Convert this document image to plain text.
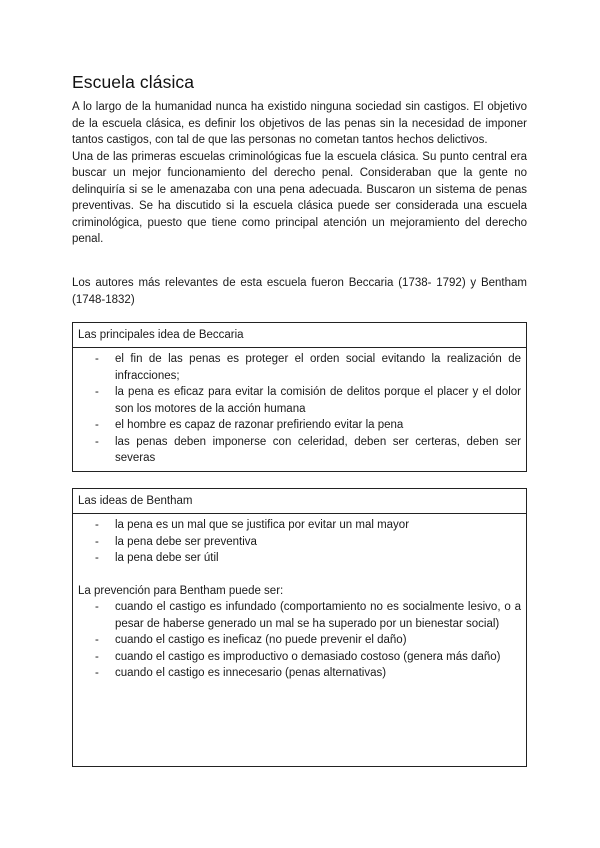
Escuela clásica

A lo largo de la humanidad nunca ha existido ninguna sociedad sin castigos. El objetivo de la escuela clásica, es definir los objetivos de las penas sin la necesidad de imponer tantos castigos, con tal de que las personas no cometan tantos hechos delictivos.

Una de las primeras escuelas criminológicas fue la escuela clásica. Su punto central era buscar un mejor funcionamiento del derecho penal. Consideraban que la gente no delinquiría si se le amenazaba con una pena adecuada. Buscaron un sistema de penas preventivas. Se ha discutido si la escuela clásica puede ser considerada una escuela criminológica, puesto que tiene como principal atención un mejoramiento del derecho penal.

Los autores más relevantes de esta escuela fueron Beccaria (1738- 1792) y Bentham (1748-1832)

Las principales idea de Beccaria
- el fin de las penas es proteger el orden social evitando la realización de infracciones;
- la pena es eficaz para evitar la comisión de delitos porque el placer y el dolor son los motores de la acción humana
- el hombre es capaz de razonar prefiriendo evitar la pena
- las penas deben imponerse con celeridad, deben ser certeras, deben ser severas
Las ideas de Bentham
- la pena es un mal que se justifica por evitar un mal mayor
- la pena debe ser preventiva
- la pena debe ser útil
La prevención para Bentham puede ser:
- cuando el castigo es infundado (comportamiento no es socialmente lesivo, o a pesar de haberse generado un mal se ha superado por un bienestar social)
- cuando el castigo es ineficaz (no puede prevenir el daño)
- cuando el castigo es improductivo o demasiado costoso (genera más daño)
- cuando el castigo es innecesario (penas alternativas)
